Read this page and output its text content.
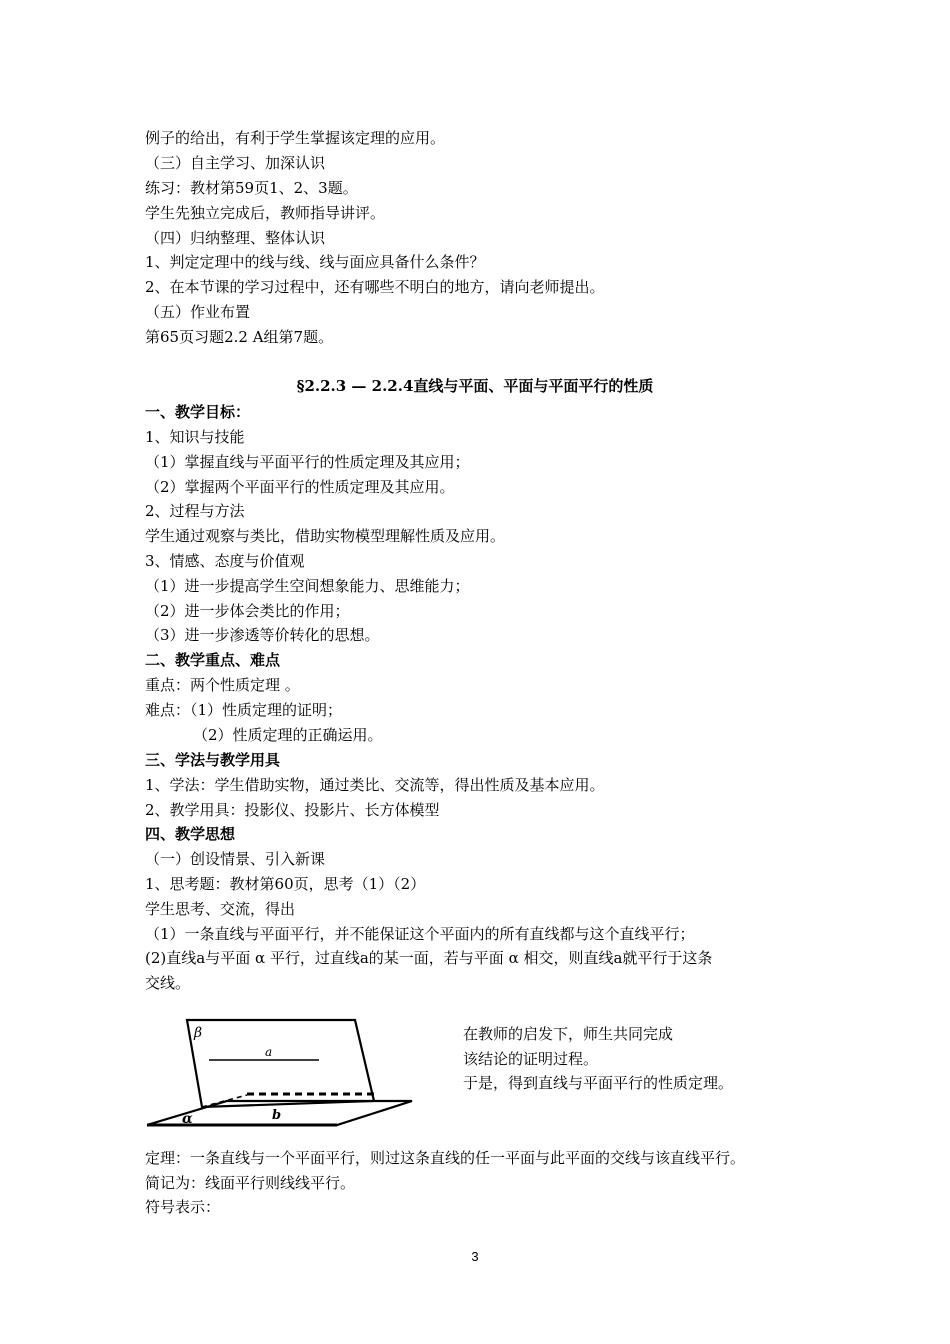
例子的给出，有利于学生掌握该定理的应用。
（三）自主学习、加深认识
练习：教材第59页1、2、3题。
学生先独立完成后，教师指导讲评。
（四）归纳整理、整体认识
1、判定定理中的线与线、线与面应具备什么条件？
2、在本节课的学习过程中，还有哪些不明白的地方，请向老师提出。
（五）作业布置
第65页习题2.2 A组第7题。
§2.2.3 — 2.2.4直线与平面、平面与平面平行的性质
一、教学目标：
1、知识与技能
（1）掌握直线与平面平行的性质定理及其应用；
（2）掌握两个平面平行的性质定理及其应用。
2、过程与方法
学生通过观察与类比，借助实物模型理解性质及应用。
3、情感、态度与价值观
（1）进一步提高学生空间想象能力、思维能力；
（2）进一步体会类比的作用；
（3）进一步渗透等价转化的思想。
二、教学重点、难点
重点：两个性质定理 。
难点：（1）性质定理的证明；
（2）性质定理的正确运用。
三、学法与教学用具
1、学法：学生借助实物，通过类比、交流等，得出性质及基本应用。
2、教学用具：投影仪、投影片、长方体模型
四、教学思想
（一）创设情景、引入新课
1、思考题：教材第60页，思考（1）（2）
学生思考、交流，得出
（1）一条直线与平面平行，并不能保证这个平面内的所有直线都与这个直线平行；
(2)直线a与平面 α 平行，过直线a的某一面，若与平面 α 相交，则直线a就平行于这条
交线。
β
a
α	b
在教师的启发下，师生共同完成
该结论的证明过程。
于是，得到直线与平面平行的性质定理。
定理：一条直线与一个平面平行，则过这条直线的任一平面与此平面的交线与该直线平行。
简记为：线面平行则线线平行。
符号表示：
3
